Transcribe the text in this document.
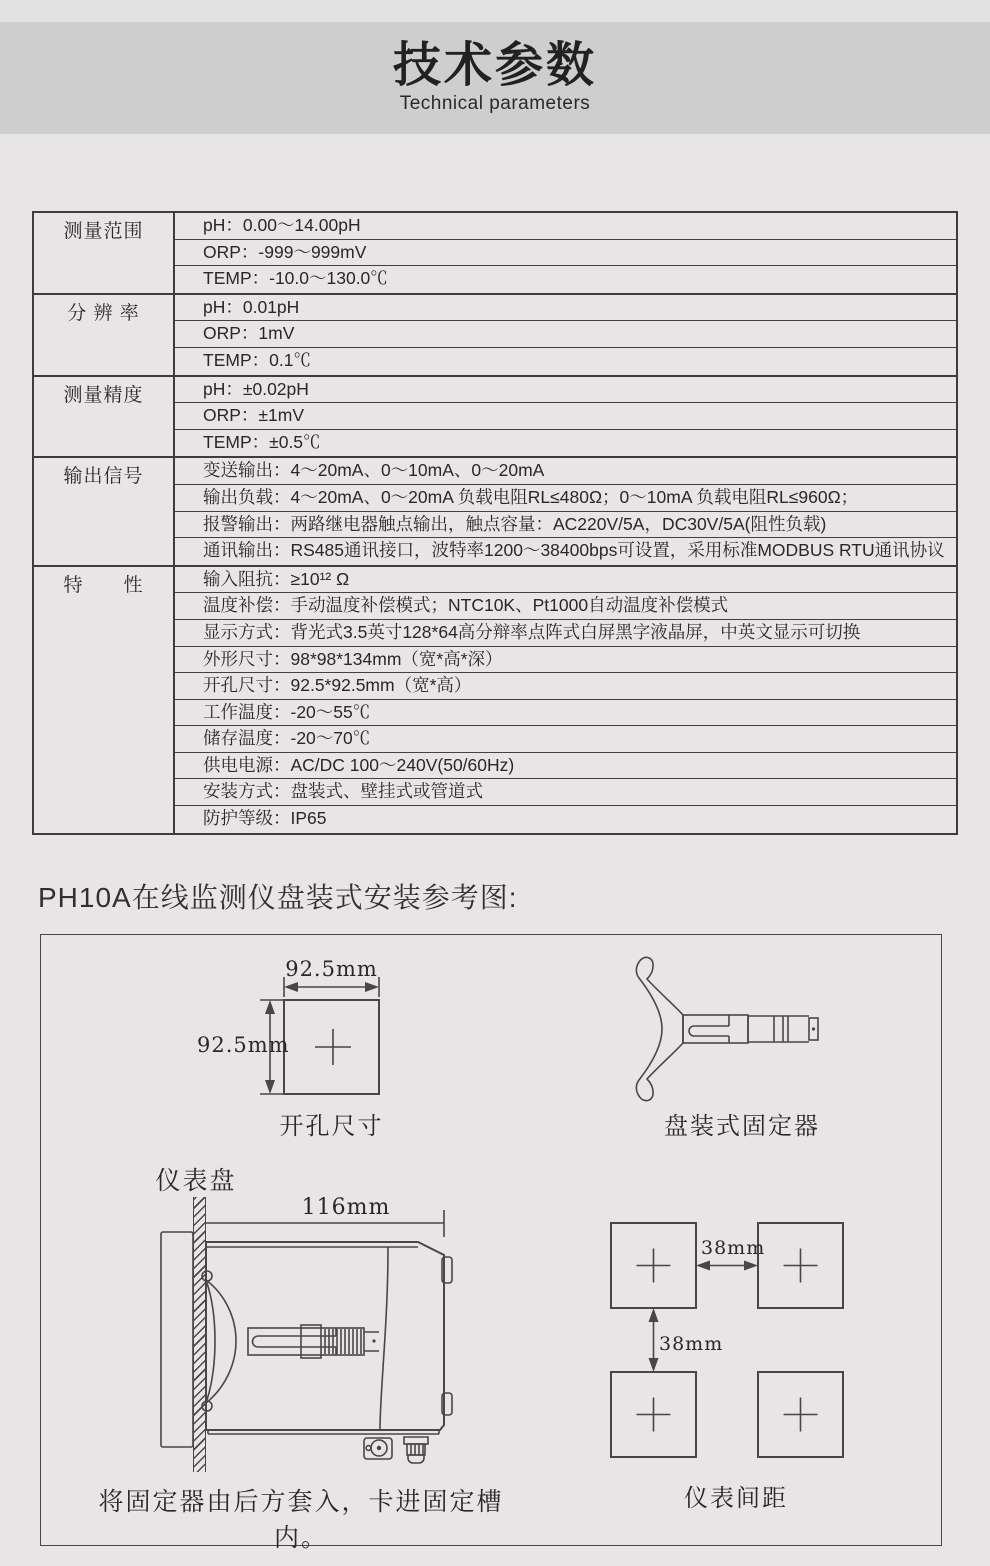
技术参数
Technical parameters
测量范围	pH：0.00～14.00pH
ORP：-999～999mV
TEMP：-10.0～130.0℃
分 辨 率	pH：0.01pH
ORP：1mV
TEMP：0.1℃
测量精度	pH：±0.02pH
ORP：±1mV
TEMP：±0.5℃
输出信号	变送输出：4～20mA、0～10mA、0～20mA
输出负载：4～20mA、0～20mA 负载电阻RL≤480Ω；0～10mA 负载电阻RL≤960Ω；
报警输出：两路继电器触点输出，触点容量：AC220V/5A，DC30V/5A(阻性负载)
通讯输出：RS485通讯接口，波特率1200～38400bps可设置，采用标准MODBUS RTU通讯协议
特　　性	输入阻抗：≥10¹² Ω
温度补偿：手动温度补偿模式；NTC10K、Pt1000自动温度补偿模式
显示方式：背光式3.5英寸128*64高分辩率点阵式白屏黑字液晶屏，中英文显示可切换
外形尺寸：98*98*134mm（宽*高*深）
开孔尺寸：92.5*92.5mm（宽*高）
工作温度：-20～55℃
储存温度：-20～70℃
供电电源：AC/DC 100～240V(50/60Hz)
安装方式：盘装式、壁挂式或管道式
防护等级：IP65
PH10A在线监测仪盘装式安装参考图:
92.5mm
92.5mm
开孔尺寸	盘装式固定器
仪表盘
116mm
将固定器由后方套入，卡进固定槽内。
38mm
38mm
仪表间距
